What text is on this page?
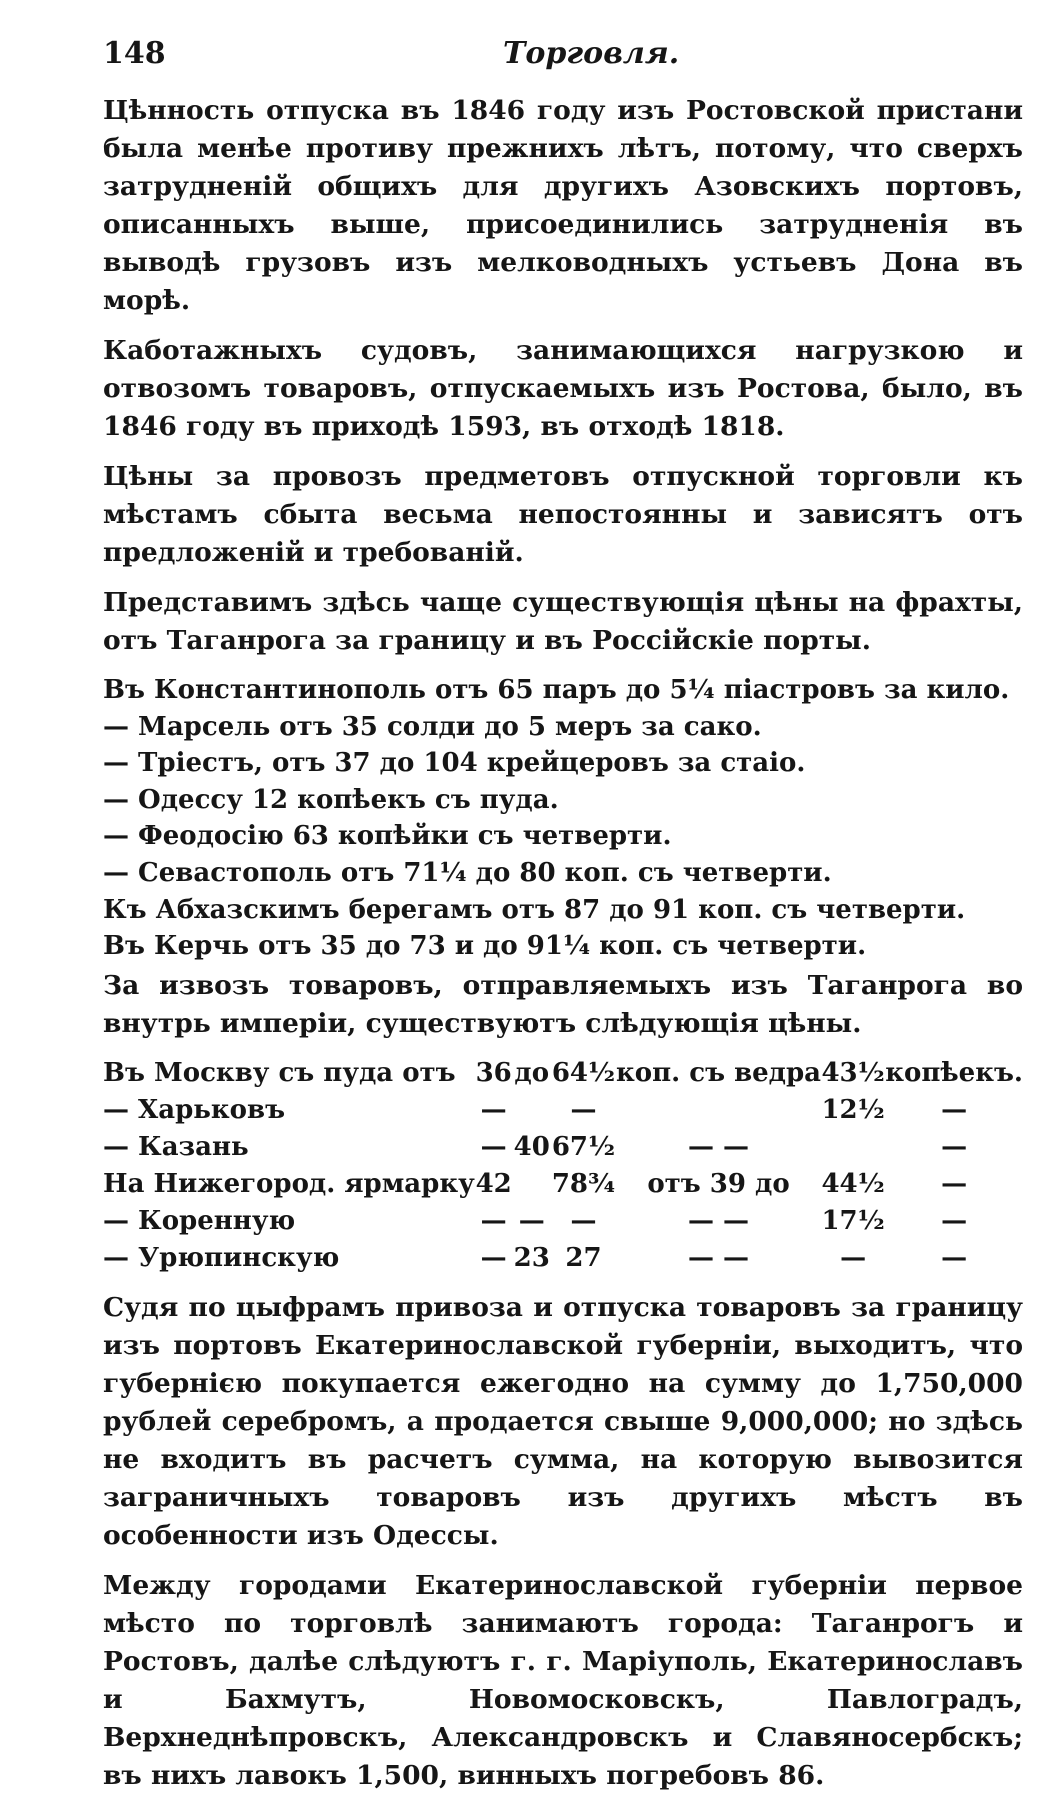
148	Торговля.

Цѣнность отпуска въ 1846 году изъ Ростовской пристани была менѣе противу прежнихъ лѣтъ, потому, что сверхъ затрудненій общихъ для другихъ Азовскихъ портовъ, описанныхъ выше, присоединились затрудненія въ выводѣ грузовъ изъ мелководныхъ устьевъ Дона въ морѣ.

Каботажныхъ судовъ, занимающихся нагрузкою и отвозомъ товаровъ, отпускаемыхъ изъ Ростова, было, въ 1846 году въ приходѣ 1593, въ отходѣ 1818.

Цѣны за провозъ предметовъ отпускной торговли къ мѣстамъ сбыта весьма непостоянны и зависятъ отъ предложеній и требованій.

Представимъ здѣсь чаще существующія цѣны на фрахты, отъ Таганрога за границу и въ Россійскіе порты.

Въ Константинополь отъ 65 паръ до 5¼ піастровъ за кило.
— Марсель отъ 35 солди до 5 меръ за сако.
— Тріестъ, отъ 37 до 104 крейцеровъ за стаіо.
— Одессу 12 копѣекъ съ пуда.
— Феодосію 63 копѣйки съ четверти.
— Севастополь отъ 71¼ до 80 коп. съ четверти.
Къ Абхазскимъ берегамъ отъ 87 до 91 коп. съ четверти.
Въ Керчь отъ 35 до 73 и до 91¼ коп. съ четверти.

За извозъ товаровъ, отправляемыхъ изъ Таганрога во внутрь имперіи, существуютъ слѣдующія цѣны.

Въ Москву съ пуда отъ	36	до	64½	коп. съ ведра	43½	копѣекъ.
— Харьковъ	—		—		12½	—
— Казань	—	40	67½	— —		—
На Нижегород. ярмарку	42		78¾	отъ 39 до	44½	—
— Коренную	—	—	—	— —	17½	—
— Урюпинскую	—	23	27	— —	—	—

Судя по цыфрамъ привоза и отпуска товаровъ за границу изъ портовъ Екатеринославской губерніи, выходитъ, что губернією покупается ежегодно на сумму до 1,750,000 рублей серебромъ, а продается свыше 9,000,000; но здѣсь не входитъ въ расчетъ сумма, на которую вывозится заграничныхъ товаровъ изъ другихъ мѣстъ въ особенности изъ Одессы.

Между городами Екатеринославской губерніи первое мѣсто по торговлѣ занимаютъ города: Таганрогъ и Ростовъ, далѣе слѣдуютъ г. г. Маріуполь, Екатеринославъ и Бахмутъ, Новомосковскъ, Павлоградъ, Верхнеднѣпровскъ, Александровскъ и Славяносербскъ; въ нихъ лавокъ 1,500, винныхъ погребовъ 86.
